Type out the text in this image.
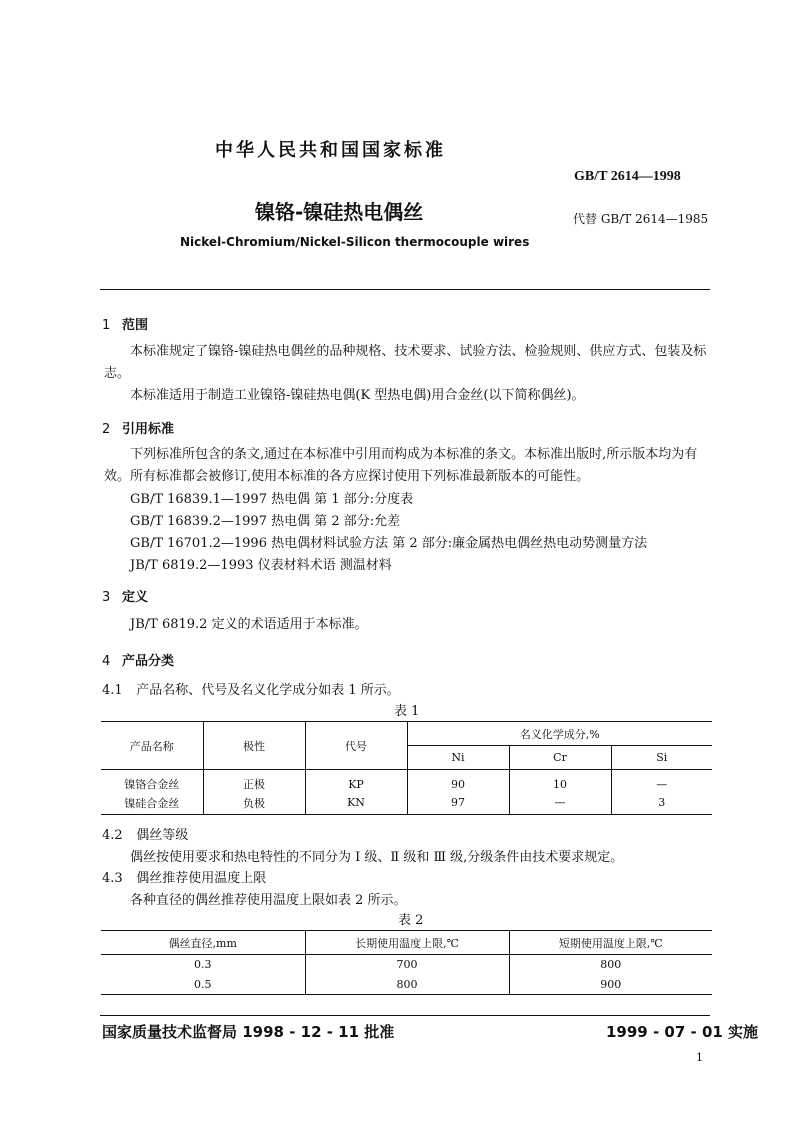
中华人民共和国国家标准
GB/T 2614—1998
镍铬-镍硅热电偶丝	代替 GB/T 2614—1985
Nickel-Chromium/Nickel-Silicon thermocouple wires
1 范围
本标准规定了镍铬-镍硅热电偶丝的品种规格、技术要求、试验方法、检验规则、供应方式、包装及标志。
本标准适用于制造工业镍铬-镍硅热电偶(K 型热电偶)用合金丝(以下简称偶丝)。
2 引用标准
下列标准所包含的条文,通过在本标准中引用而构成为本标准的条文。本标准出版时,所示版本均为有效。所有标准都会被修订,使用本标准的各方应探讨使用下列标准最新版本的可能性。
GB/T 16839.1—1997 热电偶 第 1 部分:分度表
GB/T 16839.2—1997 热电偶 第 2 部分:允差
GB/T 16701.2—1996 热电偶材料试验方法 第 2 部分:廉金属热电偶丝热电动势测量方法
JB/T 6819.2—1993 仪表材料术语 测温材料
3 定义
JB/T 6819.2 定义的术语适用于本标准。
4 产品分类
4.1 产品名称、代号及名义化学成分如表 1 所示。
表 1
产品名称	极性	代号	名义化学成分,%		
			Ni	Cr	Si
镍铬合金丝	正极	KP	90	10	—
镍硅合金丝	负极	KN	97	—	3
4.2 偶丝等级
偶丝按使用要求和热电特性的不同分为 Ⅰ 级、Ⅱ 级和 Ⅲ 级,分级条件由技术要求规定。
4.3 偶丝推荐使用温度上限
各种直径的偶丝推荐使用温度上限如表 2 所示。
表 2
偶丝直径,mm	长期使用温度上限,℃	短期使用温度上限,℃
0.3	700	800
0.5	800	900
国家质量技术监督局 1998 - 12 - 11 批准	1999 - 07 - 01 实施
1
